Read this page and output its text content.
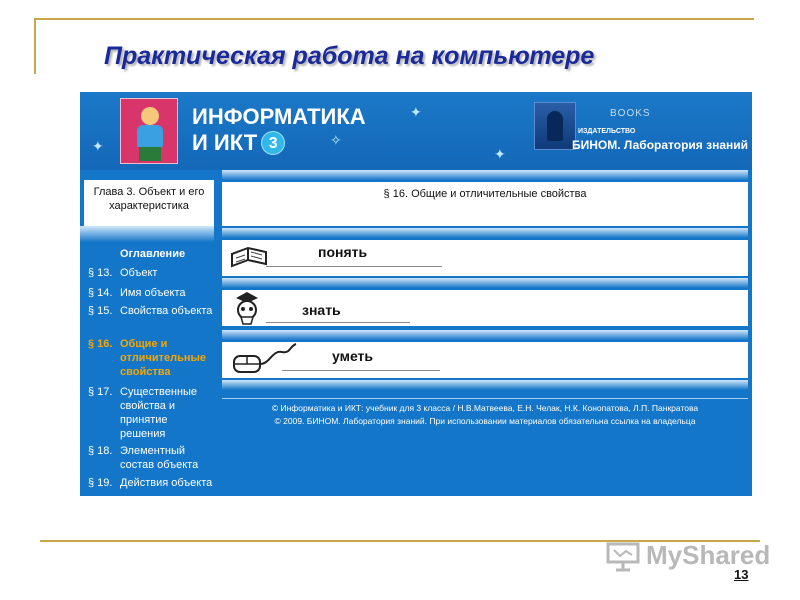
Практическая работа на компьютере
ИНФОРМАТИКА
И ИКТ 3
✦
✦
✧
✦
BOOKS
ИЗДАТЕЛЬСТВО
БИНОМ. Лаборатория знаний
Глава 3. Объект и его характеристика
Оглавление
§ 13. Объект
§ 14. Имя объекта
§ 15. Свойства объекта
§ 16. Общие и отличительные свойства
§ 17. Существенные свойства и принятие решения
§ 18. Элементный состав объекта
§ 19. Действия объекта
§ 16. Общие и отличительные свойства
понять
знать
уметь
© Информатика и ИКТ: учебник для 3 класса / Н.В.Матвеева, Е.Н. Челак, Н.К. Конопатова, Л.П. Панкратова
© 2009. БИНОМ. Лаборатория знаний. При использовании материалов обязательна ссылка на владельца
MyShared
13
